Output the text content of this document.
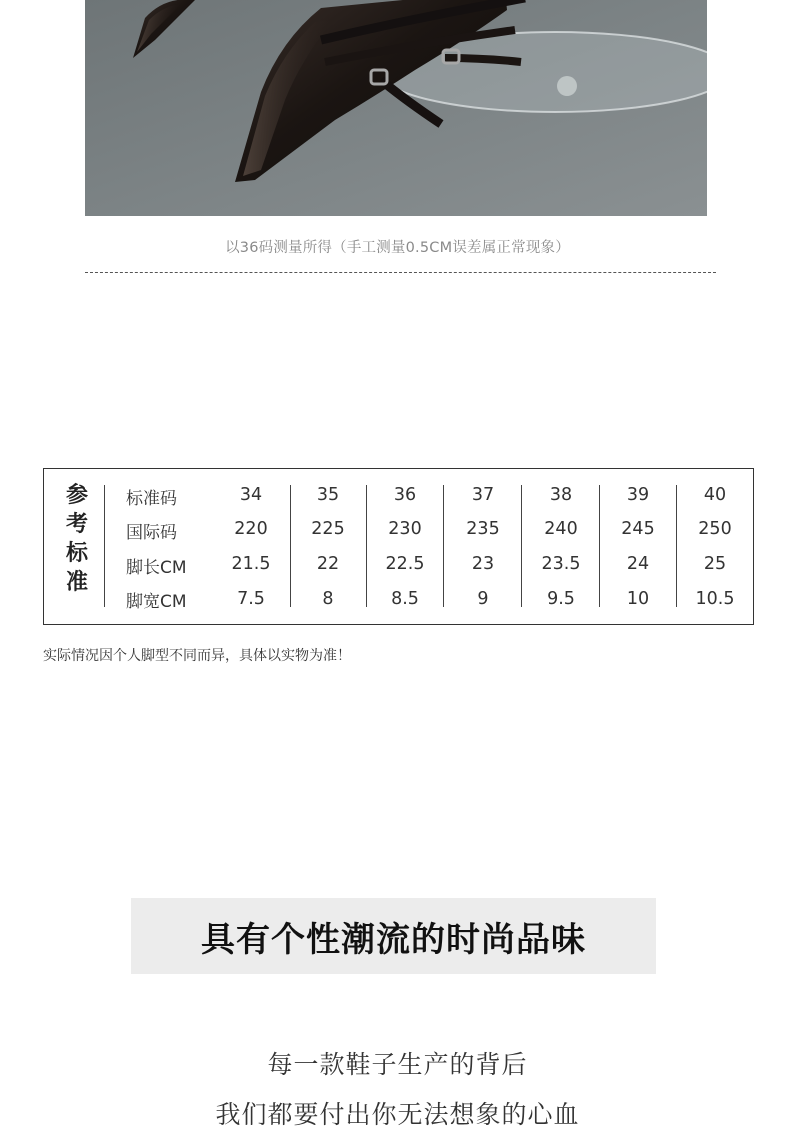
以36码测量所得（手工测量0.5CM误差属正常现象）
参
考
标
准
标准码	34	35	36	37	38	39	40
国际码	220	225	230	235	240	245	250
脚长CM	21.5	22	22.5	23	23.5	24	25
脚宽CM	7.5	8	8.5	9	9.5	10	10.5
实际情况因个人脚型不同而异，具体以实物为准！
具有个性潮流的时尚品味
每一款鞋子生产的背后
我们都要付出你无法想象的心血
